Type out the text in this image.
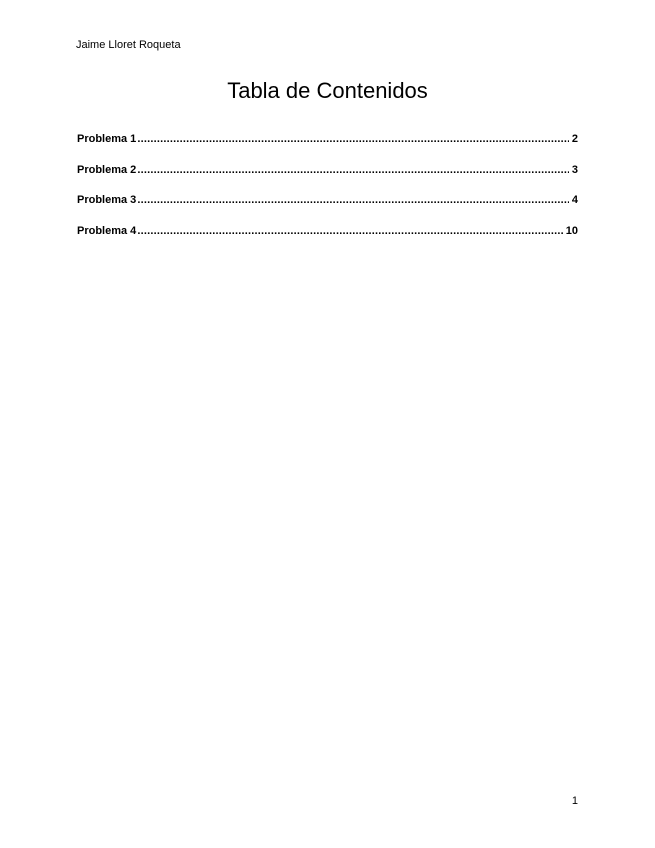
Jaime Lloret Roqueta
Tabla de Contenidos
Problema 1 .....	2
Problema 2 .....	3
Problema 3 .....	4
Problema 4 .....	10
1
